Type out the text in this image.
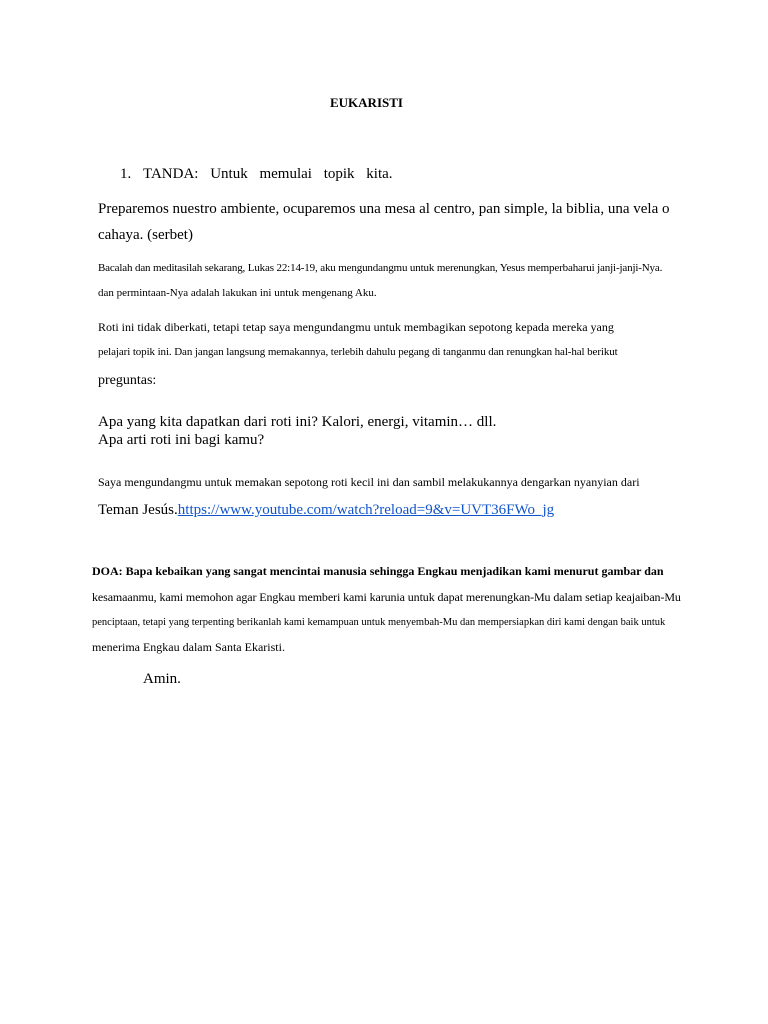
EUKARISTI
1. TANDA: Untuk memulai topik kita.
Preparemos nuestro ambiente, ocuparemos una mesa al centro, pan simple, la biblia, una vela o
cahaya. (serbet)
Bacalah dan meditasilah sekarang, Lukas 22:14-19, aku mengundangmu untuk merenungkan, Yesus memperbaharui janji-janji-Nya.
dan permintaan-Nya adalah lakukan ini untuk mengenang Aku.
Roti ini tidak diberkati, tetapi tetap saya mengundangmu untuk membagikan sepotong kepada mereka yang
pelajari topik ini. Dan jangan langsung memakannya, terlebih dahulu pegang di tanganmu dan renungkan hal-hal berikut
preguntas:
Apa yang kita dapatkan dari roti ini? Kalori, energi, vitamin… dll.
Apa arti roti ini bagi kamu?
Saya mengundangmu untuk memakan sepotong roti kecil ini dan sambil melakukannya dengarkan nyanyian dari
Teman Jesús.https://www.youtube.com/watch?reload=9&v=UVT36FWo_jg
DOA: Bapa kebaikan yang sangat mencintai manusia sehingga Engkau menjadikan kami menurut gambar dan
kesamaanmu, kami memohon agar Engkau memberi kami karunia untuk dapat merenungkan-Mu dalam setiap keajaiban-Mu
penciptaan, tetapi yang terpenting berikanlah kami kemampuan untuk menyembah-Mu dan mempersiapkan diri kami dengan baik untuk
menerima Engkau dalam Santa Ekaristi.
Amin.
